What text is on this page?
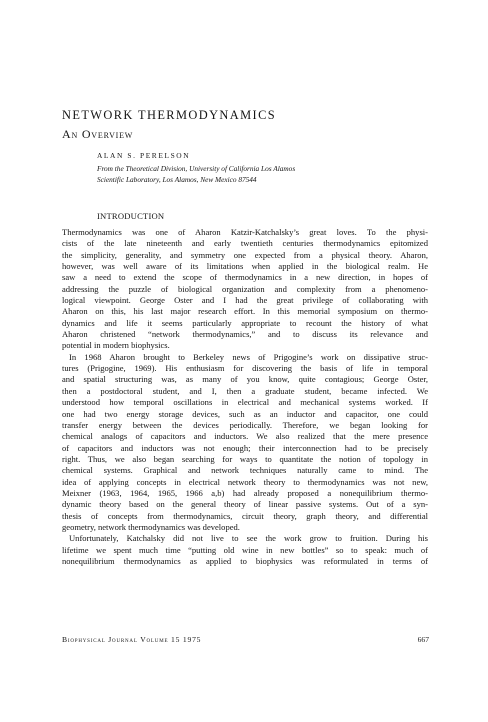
NETWORK THERMODYNAMICS
An Overview
ALAN S. PERELSON
From the Theoretical Division, University of California Los Alamos
Scientific Laboratory, Los Alamos, New Mexico 87544
INTRODUCTION
Thermodynamics was one of Aharon Katzir-Katchalsky’s great loves. To the physi-
cists of the late nineteenth and early twentieth centuries thermodynamics epitomized
the simplicity, generality, and symmetry one expected from a physical theory. Aharon,
however, was well aware of its limitations when applied in the biological realm. He
saw a need to extend the scope of thermodynamics in a new direction, in hopes of
addressing the puzzle of biological organization and complexity from a phenomeno-
logical viewpoint. George Oster and I had the great privilege of collaborating with
Aharon on this, his last major research effort. In this memorial symposium on thermo-
dynamics and life it seems particularly appropriate to recount the history of what
Aharon christened “network thermodynamics,” and to discuss its relevance and
potential in modern biophysics.
In 1968 Aharon brought to Berkeley news of Prigogine’s work on dissipative struc-
tures (Prigogine, 1969). His enthusiasm for discovering the basis of life in temporal
and spatial structuring was, as many of you know, quite contagious; George Oster,
then a postdoctoral student, and I, then a graduate student, became infected. We
understood how temporal oscillations in electrical and mechanical systems worked. If
one had two energy storage devices, such as an inductor and capacitor, one could
transfer energy between the devices periodically. Therefore, we began looking for
chemical analogs of capacitors and inductors. We also realized that the mere presence
of capacitors and inductors was not enough; their interconnection had to be precisely
right. Thus, we also began searching for ways to quantitate the notion of topology in
chemical systems. Graphical and network techniques naturally came to mind. The
idea of applying concepts in electrical network theory to thermodynamics was not new,
Meixner (1963, 1964, 1965, 1966 a,b) had already proposed a nonequilibrium thermo-
dynamic theory based on the general theory of linear passive systems. Out of a syn-
thesis of concepts from thermodynamics, circuit theory, graph theory, and differential
geometry, network thermodynamics was developed.
Unfortunately, Katchalsky did not live to see the work grow to fruition. During his
lifetime we spent much time “putting old wine in new bottles” so to speak: much of
nonequilibrium thermodynamics as applied to biophysics was reformulated in terms of
Biophysical Journal Volume 15 1975	667
